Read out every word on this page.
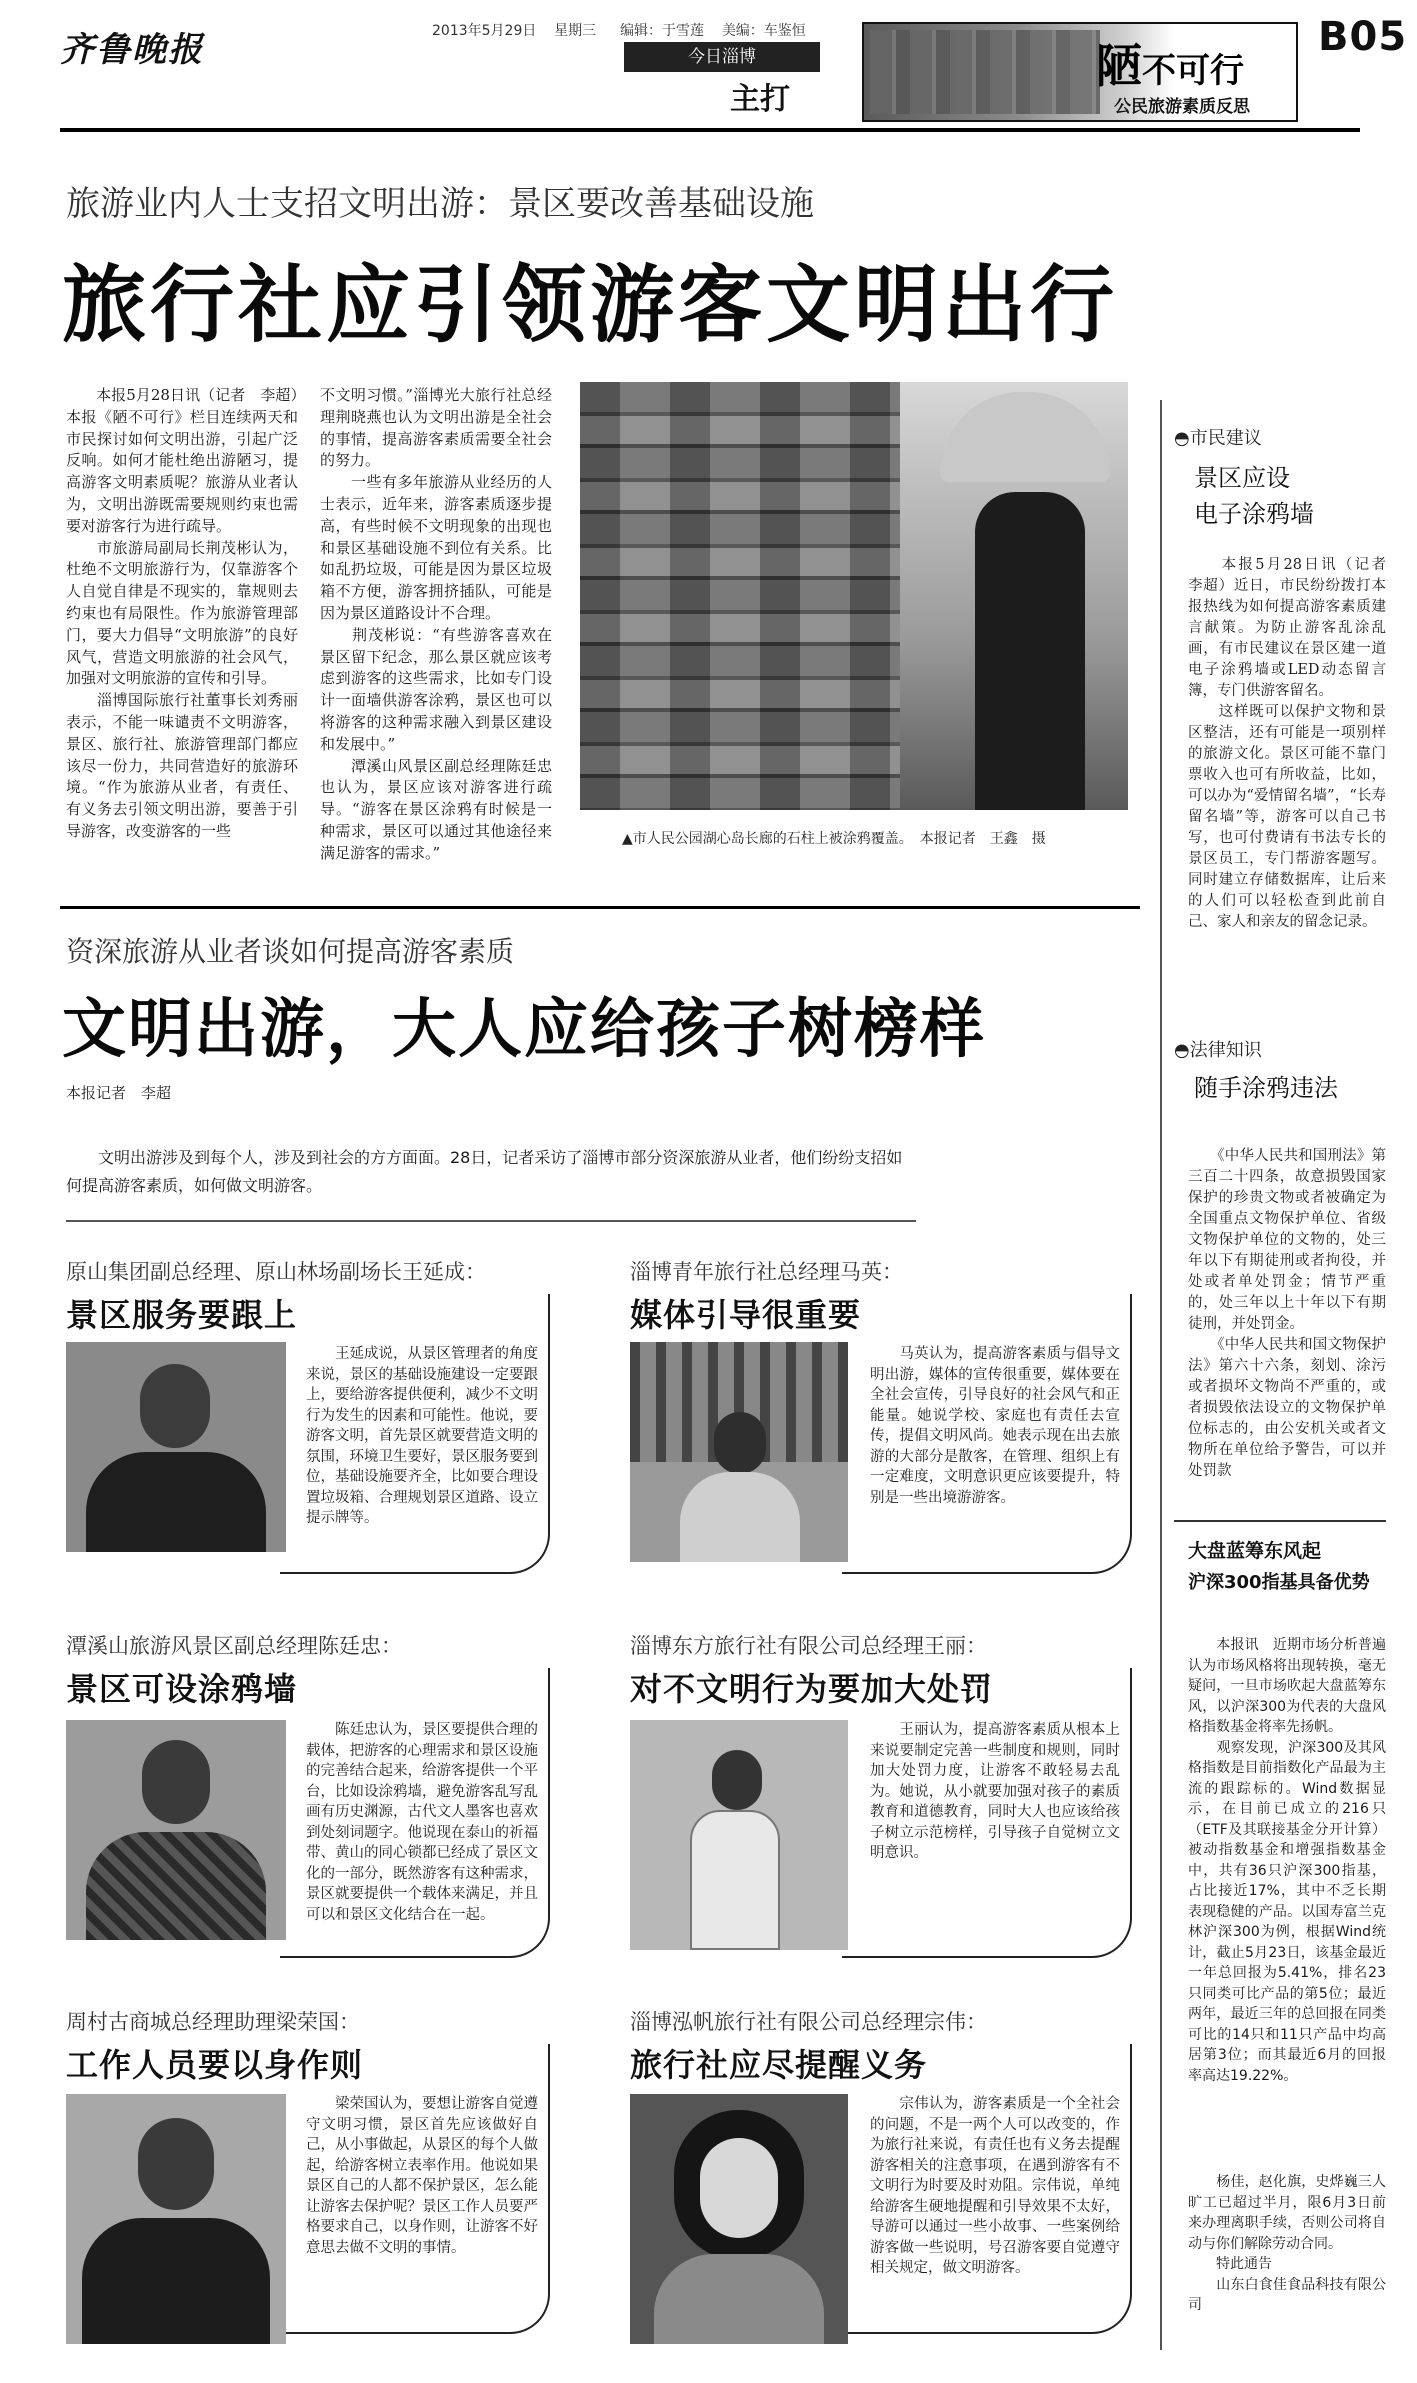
齐鲁晚报	2013年5月29日 星期三 编辑：于雪莲 美编：车鉴恒
今日淄博
主打
陋不可行
公民旅游素质反思
B05
旅游业内人士支招文明出游：景区要改善基础设施
旅行社应引领游客文明出行
　　本报5月28日讯（记者　李超）本报《陋不可行》栏目连续两天和市民探讨如何文明出游，引起广泛反响。如何才能杜绝出游陋习，提高游客文明素质呢？旅游从业者认为，文明出游既需要规则约束也需要对游客行为进行疏导。
　　市旅游局副局长荆茂彬认为，杜绝不文明旅游行为，仅靠游客个人自觉自律是不现实的，靠规则去约束也有局限性。作为旅游管理部门，要大力倡导“文明旅游”的良好风气，营造文明旅游的社会风气，加强对文明旅游的宣传和引导。
　　淄博国际旅行社董事长刘秀丽表示，不能一味谴责不文明游客，景区、旅行社、旅游管理部门都应该尽一份力，共同营造好的旅游环境。“作为旅游从业者，有责任、有义务去引领文明出游，要善于引导游客，改变游客的一些
不文明习惯。”淄博光大旅行社总经理荆晓燕也认为文明出游是全社会的事情，提高游客素质需要全社会的努力。
　　一些有多年旅游从业经历的人士表示，近年来，游客素质逐步提高，有些时候不文明现象的出现也和景区基础设施不到位有关系。比如乱扔垃圾，可能是因为景区垃圾箱不方便，游客拥挤插队，可能是因为景区道路设计不合理。
　　荆茂彬说：“有些游客喜欢在景区留下纪念，那么景区就应该考虑到游客的这些需求，比如专门设计一面墙供游客涂鸦，景区也可以将游客的这种需求融入到景区建设和发展中。”
　　潭溪山风景区副总经理陈廷忠也认为，景区应该对游客进行疏导。“游客在景区涂鸦有时候是一种需求，景区可以通过其他途径来满足游客的需求。”
▲市人民公园湖心岛长廊的石柱上被涂鸦覆盖。　本报记者　王鑫　摄
◓市民建议
景区应设
电子涂鸦墙
　　本报5月28日讯（记者　李超）近日，市民纷纷拨打本报热线为如何提高游客素质建言献策。为防止游客乱涂乱画，有市民建议在景区建一道电子涂鸦墙或LED动态留言簿，专门供游客留名。
　　这样既可以保护文物和景区整洁，还有可能是一项别样的旅游文化。景区可能不靠门票收入也可有所收益，比如，可以办为“爱情留名墙”，“长寿留名墙”等，游客可以自己书写，也可付费请有书法专长的景区员工，专门帮游客题写。同时建立存储数据库，让后来的人们可以轻松查到此前自己、家人和亲友的留念记录。
◓法律知识
随手涂鸦违法
　　《中华人民共和国刑法》第三百二十四条，故意损毁国家保护的珍贵文物或者被确定为全国重点文物保护单位、省级文物保护单位的文物的，处三年以下有期徒刑或者拘役，并处或者单处罚金；情节严重的，处三年以上十年以下有期徒刑，并处罚金。
　　《中华人民共和国文物保护法》第六十六条，刻划、涂污或者损坏文物尚不严重的，或者损毁依法设立的文物保护单位标志的，由公安机关或者文物所在单位给予警告，可以并处罚款
大盘蓝筹东风起
沪深300指基具备优势
　　本报讯　近期市场分析普遍认为市场风格将出现转换，毫无疑问，一旦市场吹起大盘蓝筹东风，以沪深300为代表的大盘风格指数基金将率先扬帆。
　　观察发现，沪深300及其风格指数是目前指数化产品最为主流的跟踪标的。Wind数据显示，在目前已成立的216只（ETF及其联接基金分开计算）被动指数基金和增强指数基金中，共有36只沪深300指基，占比接近17%，其中不乏长期表现稳健的产品。以国寿富兰克林沪深300为例，根据Wind统计，截止5月23日，该基金最近一年总回报为5.41%，排名23只同类可比产品的第5位；最近两年，最近三年的总回报在同类可比的14只和11只产品中均高居第3位；而其最近6月的回报率高达19.22%。
　　杨佳，赵化旗，史烨巍三人旷工已超过半月，限6月3日前来办理离职手续，否则公司将自动与你们解除劳动合同。
　　特此通告
　　山东白食佳食品科技有限公司
资深旅游从业者谈如何提高游客素质
文明出游，大人应给孩子树榜样
本报记者　李超
　　文明出游涉及到每个人，涉及到社会的方方面面。28日，记者采访了淄博市部分资深旅游从业者，他们纷纷支招如何提高游客素质，如何做文明游客。
原山集团副总经理、原山林场副场长王延成：
景区服务要跟上
　　王延成说，从景区管理者的角度来说，景区的基础设施建设一定要跟上，要给游客提供便利，减少不文明行为发生的因素和可能性。他说，要游客文明，首先景区就要营造文明的氛围，环境卫生要好，景区服务要到位，基础设施要齐全，比如要合理设置垃圾箱、合理规划景区道路、设立提示牌等。
淄博青年旅行社总经理马英：
媒体引导很重要
　　马英认为，提高游客素质与倡导文明出游，媒体的宣传很重要，媒体要在全社会宣传，引导良好的社会风气和正能量。她说学校、家庭也有责任去宣传，提倡文明风尚。她表示现在出去旅游的大部分是散客，在管理、组织上有一定难度，文明意识更应该要提升，特别是一些出境游游客。
潭溪山旅游风景区副总经理陈廷忠：
景区可设涂鸦墙
　　陈廷忠认为，景区要提供合理的载体，把游客的心理需求和景区设施的完善结合起来，给游客提供一个平台，比如设涂鸦墙，避免游客乱写乱画有历史渊源，古代文人墨客也喜欢到处刻词题字。他说现在泰山的祈福带、黄山的同心锁都已经成了景区文化的一部分，既然游客有这种需求，景区就要提供一个载体来满足，并且可以和景区文化结合在一起。
淄博东方旅行社有限公司总经理王丽：
对不文明行为要加大处罚
　　王丽认为，提高游客素质从根本上来说要制定完善一些制度和规则，同时加大处罚力度，让游客不敢轻易去乱为。她说，从小就要加强对孩子的素质教育和道德教育，同时大人也应该给孩子树立示范榜样，引导孩子自觉树立文明意识。
周村古商城总经理助理梁荣国：
工作人员要以身作则
　　梁荣国认为，要想让游客自觉遵守文明习惯，景区首先应该做好自己，从小事做起，从景区的每个人做起，给游客树立表率作用。他说如果景区自己的人都不保护景区，怎么能让游客去保护呢？景区工作人员要严格要求自己，以身作则，让游客不好意思去做不文明的事情。
淄博泓帆旅行社有限公司总经理宗伟：
旅行社应尽提醒义务
　　宗伟认为，游客素质是一个全社会的问题，不是一两个人可以改变的，作为旅行社来说，有责任也有义务去提醒游客相关的注意事项，在遇到游客有不文明行为时要及时劝阻。宗伟说，单纯给游客生硬地提醒和引导效果不太好，导游可以通过一些小故事、一些案例给游客做一些说明，号召游客要自觉遵守相关规定，做文明游客。
